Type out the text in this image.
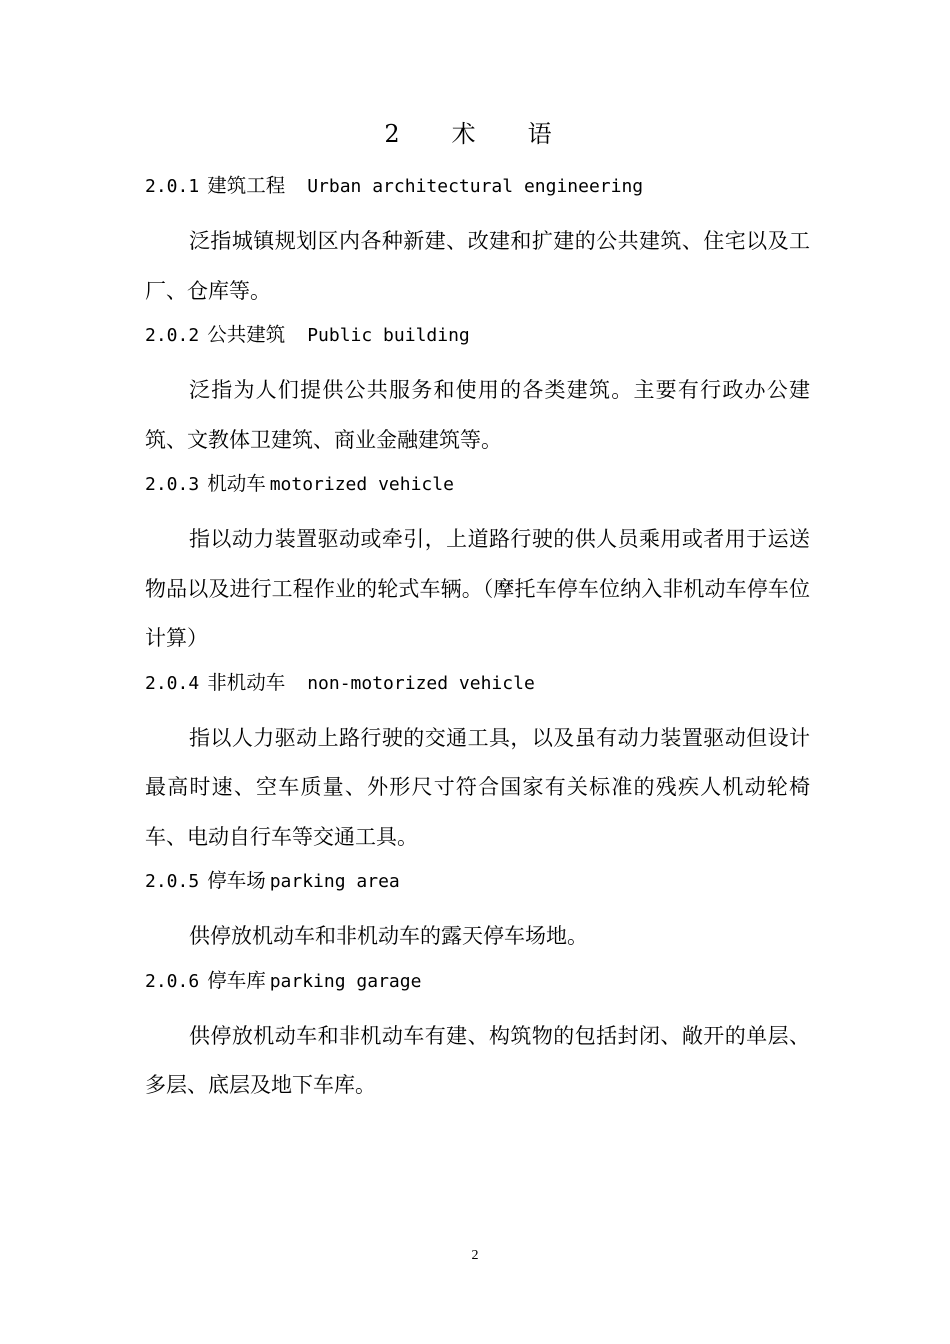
2　术　语
2.0.1 建筑工程 Urban architectural engineering

泛指城镇规划区内各种新建、改建和扩建的公共建筑、住宅以及工厂、仓库等。

2.0.2 公共建筑 Public building

泛指为人们提供公共服务和使用的各类建筑。主要有行政办公建筑、文教体卫建筑、商业金融建筑等。

2.0.3 机动车 motorized vehicle

指以动力装置驱动或牵引，上道路行驶的供人员乘用或者用于运送物品以及进行工程作业的轮式车辆。（摩托车停车位纳入非机动车停车位计算）

2.0.4 非机动车 non-motorized vehicle

指以人力驱动上路行驶的交通工具，以及虽有动力装置驱动但设计最高时速、空车质量、外形尺寸符合国家有关标准的残疾人机动轮椅车、电动自行车等交通工具。

2.0.5 停车场 parking area

供停放机动车和非机动车的露天停车场地。

2.0.6 停车库 parking garage

供停放机动车和非机动车有建、构筑物的包括封闭、敞开的单层、多层、底层及地下车库。

2
